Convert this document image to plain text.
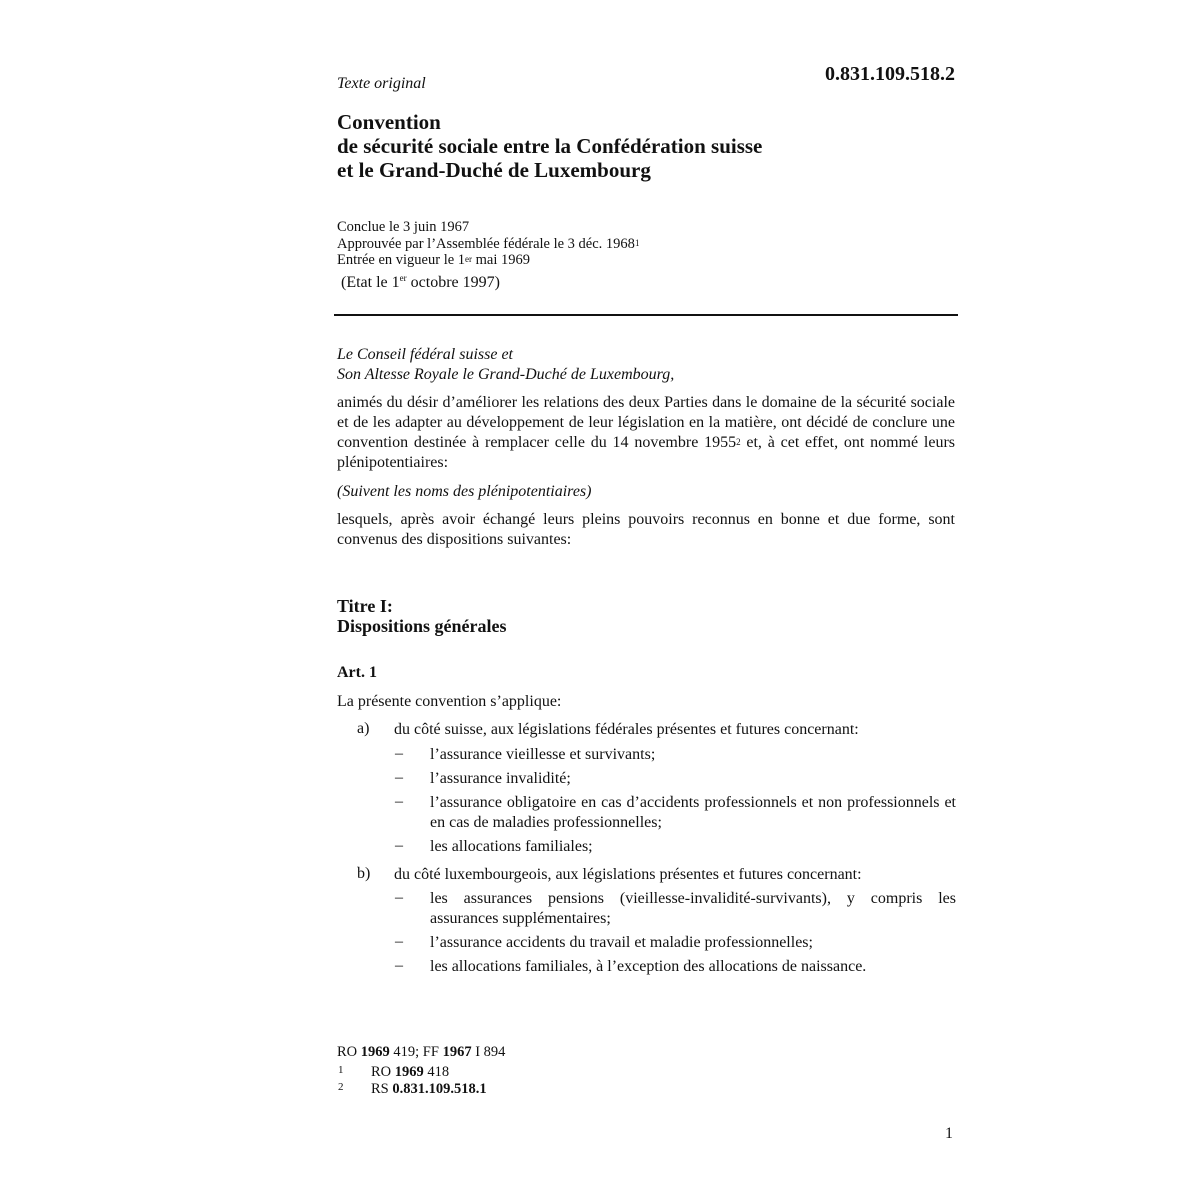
Texte original	0.831.109.518.2
Convention
de sécurité sociale entre la Confédération suisse
et le Grand-Duché de Luxembourg
Conclue le 3 juin 1967
Approuvée par l’Assemblée fédérale le 3 déc. 1968$^1$
Entrée en vigueur le 1er mai 1969
(Etat le 1er octobre 1997)
Le Conseil fédéral suisse et
Son Altesse Royale le Grand-Duché de Luxembourg,
animés du désir d’améliorer les relations des deux Parties dans le domaine de la sécurité sociale et de les adapter au développement de leur législation en la matière, ont décidé de conclure une convention destinée à remplacer celle du 14 novembre 1955$^2$ et, à cet effet, ont nommé leurs plénipotentiaires:
(Suivent les noms des plénipotentiaires)
lesquels, après avoir échangé leurs pleins pouvoirs reconnus en bonne et due forme, sont convenus des dispositions suivantes:
Titre I:
Dispositions générales
Art. 1
La présente convention s’applique:
a) du côté suisse, aux législations fédérales présentes et futures concernant:
– l’assurance vieillesse et survivants;
– l’assurance invalidité;
– l’assurance obligatoire en cas d’accidents professionnels et non professionnels et en cas de maladies professionnelles;
– les allocations familiales;
b) du côté luxembourgeois, aux législations présentes et futures concernant:
– les assurances pensions (vieillesse-invalidité-survivants), y compris les assurances supplémentaires;
– l’assurance accidents du travail et maladie professionnelles;
– les allocations familiales, à l’exception des allocations de naissance.
RO 1969 419; FF 1967 I 894
1 RO 1969 418
2 RS 0.831.109.518.1
1
